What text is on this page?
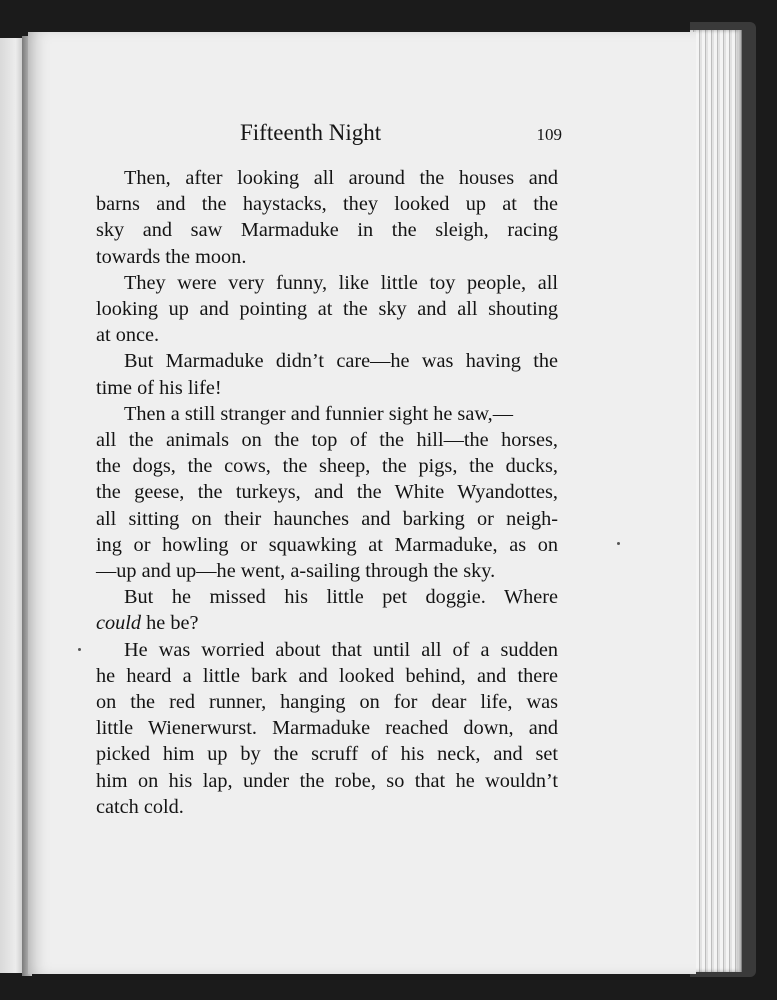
Fifteenth Night	109
Then, after looking all around the houses and
barns and the haystacks, they looked up at the
sky and saw Marmaduke in the sleigh, racing
towards the moon.
They were very funny, like little toy people, all
looking up and pointing at the sky and all shouting
at once.
But Marmaduke didn’t care—he was having the
time of his life!
Then a still stranger and funnier sight he saw,—
all the animals on the top of the hill—the horses,
the dogs, the cows, the sheep, the pigs, the ducks,
the geese, the turkeys, and the White Wyandottes,
all sitting on their haunches and barking or neigh-
ing or howling or squawking at Marmaduke, as on
—up and up—he went, a-sailing through the sky.
But he missed his little pet doggie. Where
could he be?
He was worried about that until all of a sudden
he heard a little bark and looked behind, and there
on the red runner, hanging on for dear life, was
little Wienerwurst. Marmaduke reached down, and
picked him up by the scruff of his neck, and set
him on his lap, under the robe, so that he wouldn’t
catch cold.
